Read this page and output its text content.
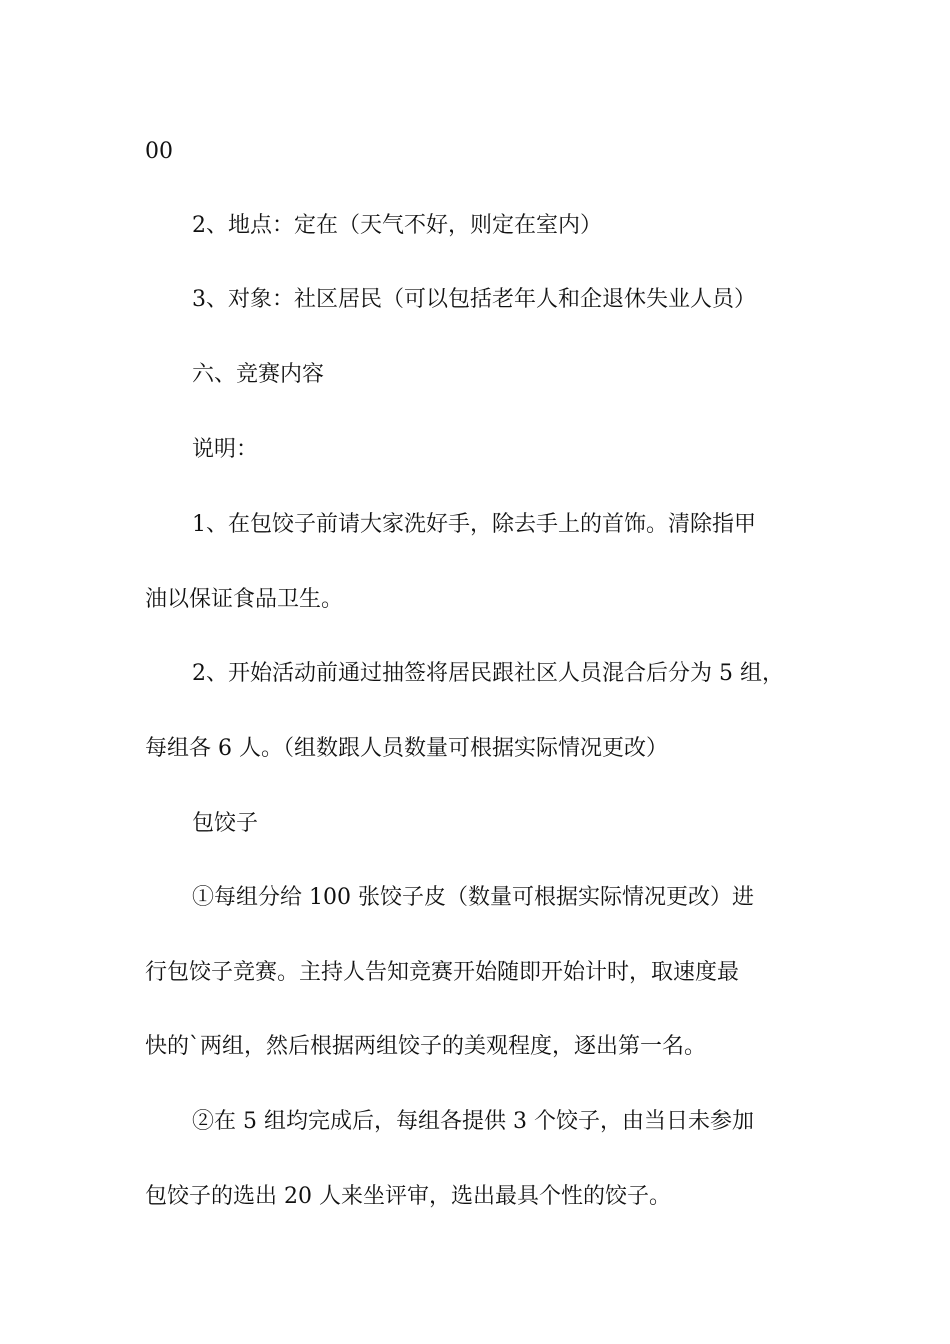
00

2、地点：定在（天气不好，则定在室内）

3、对象：社区居民（可以包括老年人和企退休失业人员）

六、竞赛内容

说明：

1、在包饺子前请大家洗好手，除去手上的首饰。清除指甲

油以保证食品卫生。

2、开始活动前通过抽签将居民跟社区人员混合后分为 5 组，

每组各 6 人。（组数跟人员数量可根据实际情况更改）

包饺子

①每组分给 100 张饺子皮（数量可根据实际情况更改）进

行包饺子竞赛。主持人告知竞赛开始随即开始计时，取速度最

快的`两组，然后根据两组饺子的美观程度，逐出第一名。

②在 5 组均完成后，每组各提供 3 个饺子，由当日未参加

包饺子的选出 20 人来坐评审，选出最具个性的饺子。
